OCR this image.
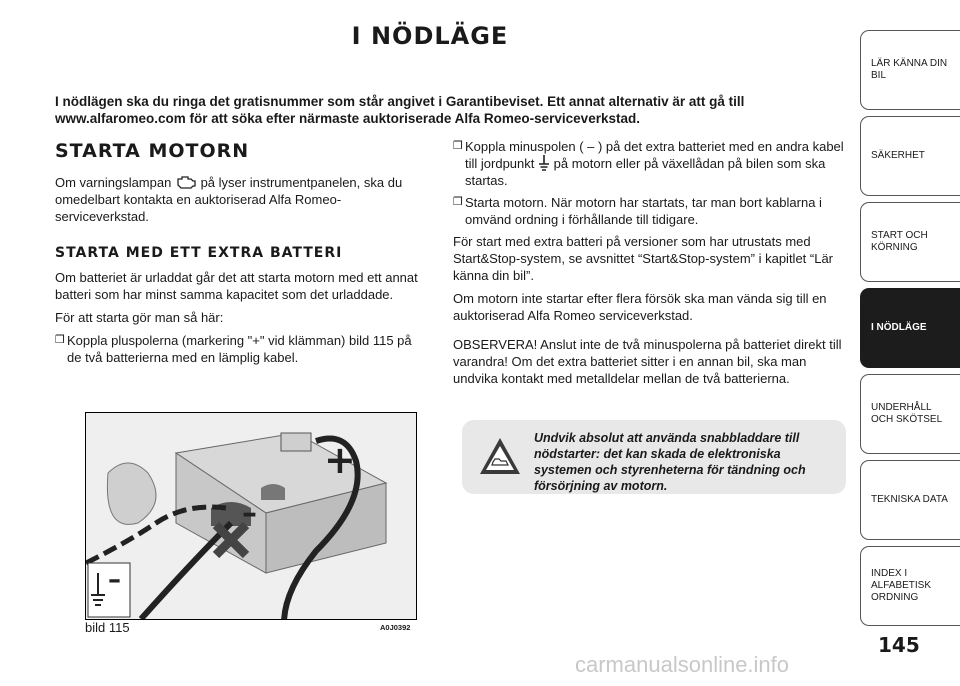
I NÖDLÄGE
I nödlägen ska du ringa det gratisnummer som står angivet i Garantibeviset. Ett annat alternativ är att gå till www.alfaromeo.com för att söka efter närmaste auktoriserade Alfa Romeo-serviceverkstad.
STARTA MOTORN

Om varningslampan på lyser instrumentpanelen, ska du omedelbart kontakta en auktoriserad Alfa Romeo-serviceverkstad.

STARTA MED ETT EXTRA BATTERI

Om batteriet är urladdat går det att starta motorn med ett annat batteri som har minst samma kapacitet som det urladdade.

För att starta gör man så här:

❒ Koppla pluspolerna (markering "+" vid klämman) bild 115 på de två batterierna med en lämplig kabel.
❒ Koppla minuspolen ( – ) på det extra batteriet med en andra kabel till jordpunkt på motorn eller på växellådan på bilen som ska startas.
❒ Starta motorn. När motorn har startats, tar man bort kablarna i omvänd ordning i förhållande till tidigare.

För start med extra batteri på versioner som har utrustats med Start&Stop-system, se avsnittet “Start&Stop-system” i kapitlet “Lär känna din bil”.

Om motorn inte startar efter flera försök ska man vända sig till en auktoriserad Alfa Romeo serviceverkstad.

OBSERVERA! Anslut inte de två minuspolerna på batteriet direkt till varandra! Om det extra batteriet sitter i en annan bil, ska man undvika kontakt med metalldelar mellan de två batterierna.
Undvik absolut att använda snabbladdare till nödstarter: det kan skada de elektroniska systemen och styrenheterna för tändning och försörjning av motorn.
+
–
–
bild 115	A0J0392
LÄR KÄNNA DIN BIL
SÄKERHET
START OCH KÖRNING
I NÖDLÄGE
UNDERHÅLL OCH SKÖTSEL
TEKNISKA DATA
INDEX I ALFABETISK ORDNING
145
carmanualsonline.info
